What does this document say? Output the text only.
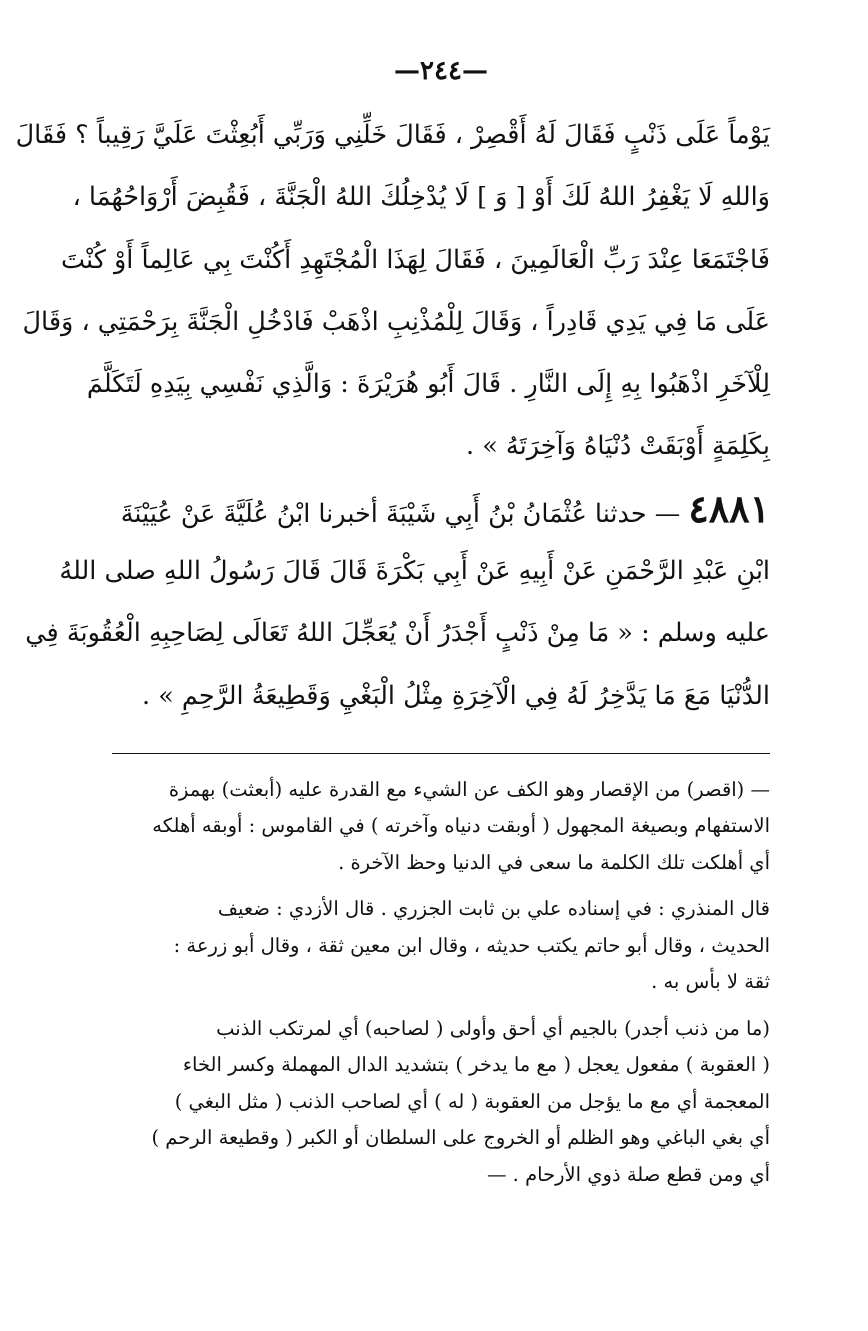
—٢٤٤—
يَوْماً عَلَى ذَنْبٍ فَقَالَ لَهُ أَقْصِرْ ، فَقَالَ خَلِّنِي وَرَبِّي أَبُعِثْتَ عَلَيَّ رَقِيباً ؟ فَقَالَ
وَاللهِ لَا يَغْفِرُ اللهُ لَكَ أَوْ [ وَ ] لَا يُدْخِلُكَ اللهُ الْجَنَّةَ ، فَقُبِضَ أَرْوَاحُهُمَا ،
فَاجْتَمَعَا عِنْدَ رَبِّ الْعَالَمِينَ ، فَقَالَ لِهَذَا الْمُجْتَهِدِ أَكُنْتَ بِي عَالِماً أَوْ كُنْتَ
عَلَى مَا فِي يَدِي قَادِراً ، وَقَالَ لِلْمُذْنِبِ اذْهَبْ فَادْخُلِ الْجَنَّةَ بِرَحْمَتِي ، وَقَالَ
لِلْآخَرِ اذْهَبُوا بِهِ إِلَى النَّارِ . قَالَ أَبُو هُرَيْرَةَ : وَالَّذِي نَفْسِي بِيَدِهِ لَتَكَلَّمَ
بِكَلِمَةٍ أَوْبَقَتْ دُنْيَاهُ وَآخِرَتَهُ » .
٤٨٨١ — حدثنا عُثْمَانُ بْنُ أَبِي شَيْبَةَ أخبرنا ابْنُ عُلَيَّةَ عَنْ عُيَيْنَةَ
ابْنِ عَبْدِ الرَّحْمَنِ عَنْ أَبِيهِ عَنْ أَبِي بَكْرَةَ قَالَ قَالَ رَسُولُ اللهِ صلى اللهُ
عليه وسلم : « مَا مِنْ ذَنْبٍ أَجْدَرُ أَنْ يُعَجِّلَ اللهُ تَعَالَى لِصَاحِبِهِ الْعُقُوبَةَ فِي
الدُّنْيَا مَعَ مَا يَدَّخِرُ لَهُ فِي الْآخِرَةِ مِثْلُ الْبَغْيِ وَقَطِيعَةُ الرَّحِمِ » .
— (اقصر) من الإقصار وهو الكف عن الشيء مع القدرة عليه (أبعثت) بهمزة
الاستفهام وبصيغة المجهول ( أوبقت دنياه وآخرته ) في القاموس : أوبقه أهلكه
أي أهلكت تلك الكلمة ما سعى في الدنيا وحظ الآخرة .
قال المنذري : في إسناده علي بن ثابت الجزري . قال الأزدي : ضعيف
الحديث ، وقال أبو حاتم يكتب حديثه ، وقال ابن معين ثقة ، وقال أبو زرعة :
ثقة لا بأس به .
(ما من ذنب أجدر) بالجيم أي أحق وأولى ( لصاحبه) أي لمرتكب الذنب
( العقوبة ) مفعول يعجل ( مع ما يدخر ) بتشديد الدال المهملة وكسر الخاء
المعجمة أي مع ما يؤجل من العقوبة ( له ) أي لصاحب الذنب ( مثل البغي )
أي بغي الباغي وهو الظلم أو الخروج على السلطان أو الكبر ( وقطيعة الرحم )
أي ومن قطع صلة ذوي الأرحام . —
